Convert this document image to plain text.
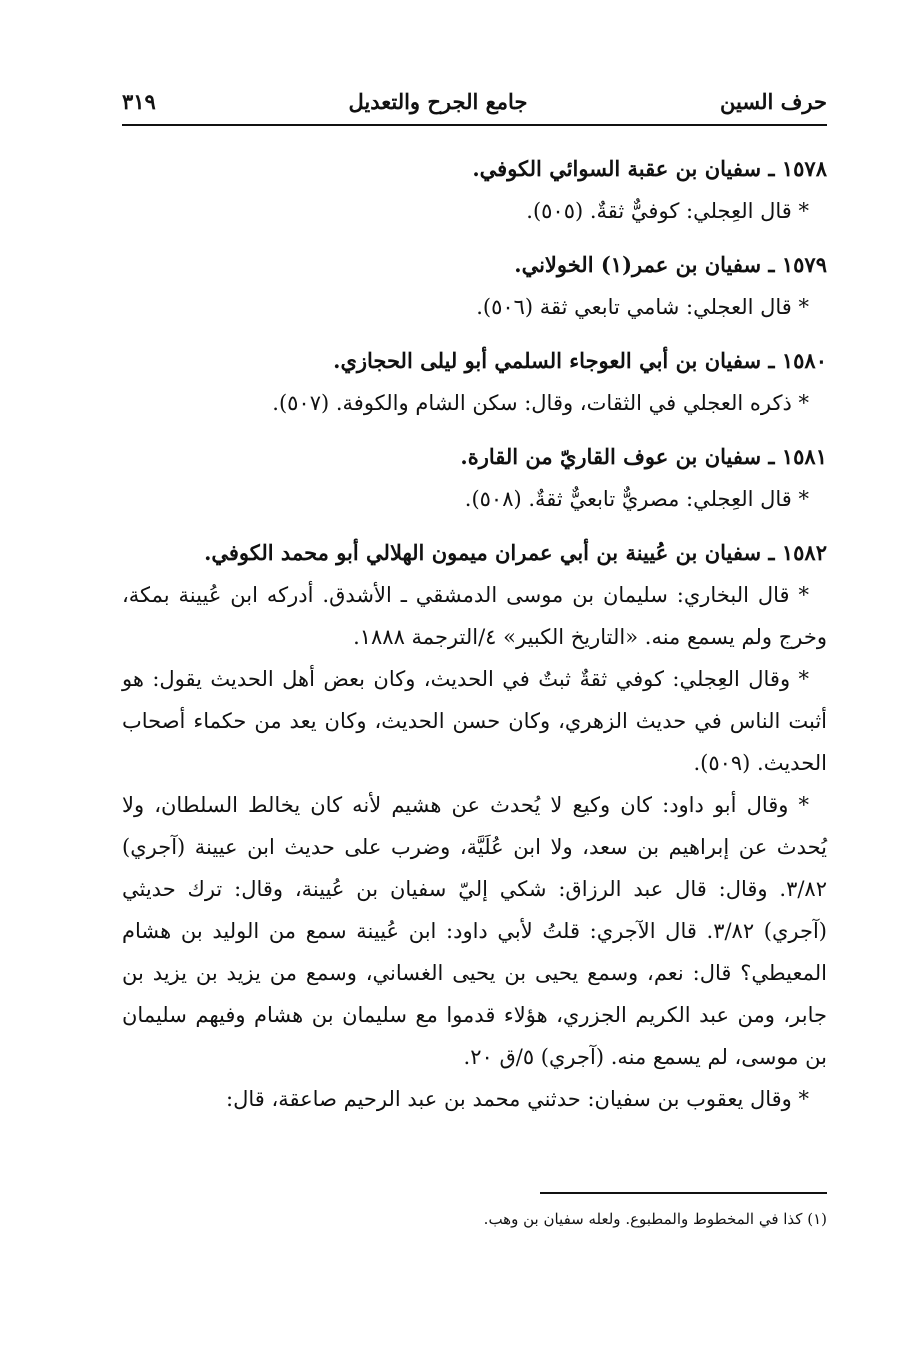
حرف السين
جامع الجرح والتعديل
٣١٩

١٥٧٨ ـ سفيان بن عقبة السوائي الكوفي.

* قال العِجلي: كوفيٌّ ثقةٌ. (٥٠٥).

١٥٧٩ ـ سفيان بن عمر(١) الخولاني.

* قال العجلي: شامي تابعي ثقة (٥٠٦).

١٥٨٠ ـ سفيان بن أبي العوجاء السلمي أبو ليلى الحجازي.

* ذكره العجلي في الثقات، وقال: سكن الشام والكوفة. (٥٠٧).

١٥٨١ ـ سفيان بن عوف القاريّ من القارة.

* قال العِجلي: مصريٌّ تابعيٌّ ثقةٌ. (٥٠٨).

١٥٨٢ ـ سفيان بن عُيينة بن أبي عمران ميمون الهلالي أبو محمد الكوفي.

* قال البخاري: سليمان بن موسى الدمشقي ـ الأشدق. أدركه ابن عُيينة بمكة، وخرج ولم يسمع منه. «التاريخ الكبير» ٤/الترجمة ١٨٨٨.

* وقال العِجلي: كوفي ثقةٌ ثبتٌ في الحديث، وكان بعض أهل الحديث يقول: هو أثبت الناس في حديث الزهري، وكان حسن الحديث، وكان يعد من حكماء أصحاب الحديث. (٥٠٩).

* وقال أبو داود: كان وكيع لا يُحدث عن هشيم لأنه كان يخالط السلطان، ولا يُحدث عن إبراهيم بن سعد، ولا ابن عُلَيَّة، وضرب على حديث ابن عيينة (آجري) ٣/٨٢. وقال: قال عبد الرزاق: شكي إليّ سفيان بن عُيينة، وقال: ترك حديثي (آجري) ٣/٨٢. قال الآجري: قلتُ لأبي داود: ابن عُيينة سمع من الوليد بن هشام المعيطي؟ قال: نعم، وسمع يحيى بن يحيى الغساني، وسمع من يزيد بن يزيد بن جابر، ومن عبد الكريم الجزري، هؤلاء قدموا مع سليمان بن هشام وفيهم سليمان بن موسى، لم يسمع منه. (آجري) ٥/ق ٢٠.

* وقال يعقوب بن سفيان: حدثني محمد بن عبد الرحيم صاعقة، قال:

(١) كذا في المخطوط والمطبوع. ولعله سفيان بن وهب.
